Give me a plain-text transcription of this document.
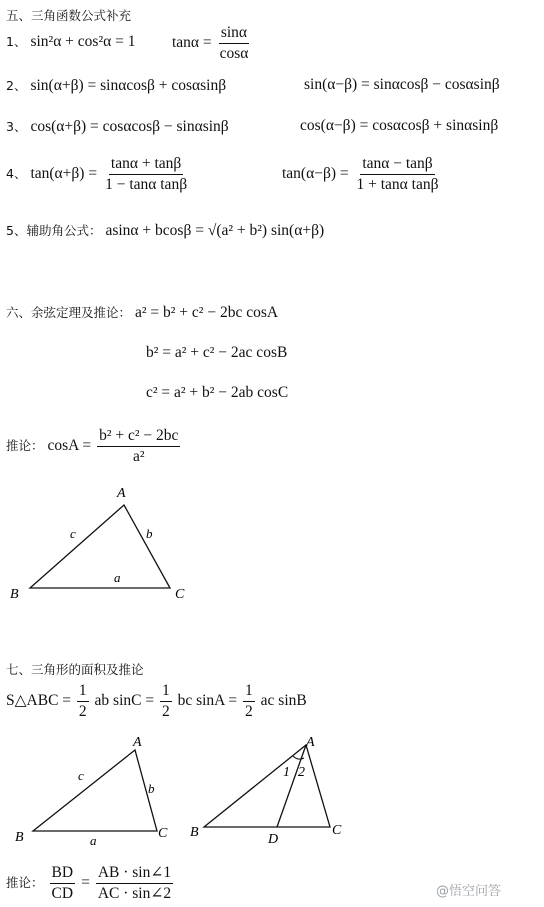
五、三角函数公式补充
1、 sin²α + cos²α = 1 $\tan\alpha = \frac{\sin\alpha}{\cos\alpha}$
2、 sin(α+β) = sinαcosβ + cosαsinβ	sin(α−β) = sinαcosβ − cosαsinβ
3、 cos(α+β) = cosαcosβ − sinαsinβ	cos(α−β) = cosαcosβ + sinαsinβ
4、 $\tan(\alpha+\beta) = \frac{\tan\alpha + \tan\beta}{\text{1 − tanα tanβ}}$	$\tan(\alpha-\beta) = \frac{\tan\alpha - \tan\beta}{\text{1 + tanα tanβ}}$
5、辅助角公式： asinα + bcosβ = √(a² + b²) sin(α+β)
六、余弦定理及推论： a² = b² + c² − 2bc cosA
b² = a² + c² − 2ac cosB
c² = a² + b² − 2ab cosC
推论： $\cos A = \frac{\text{b² + c² − 2bc}}{\text{a²}}$
A
B	C
a
b
c
七、三角形的面积及推论
S△ABC = $\frac{1}{2}$ ab $\sin C = \frac{1}{2}$ bc $\sin A = \frac{1}{2}$ ac sinB
A
B	C
a
b
c
A
B	C
D
1 2
推论： $\frac{BD}{CD} = \frac{AB \cdot \sin\angle 1}{AC \cdot \sin\angle 2}$	@悟空问答
